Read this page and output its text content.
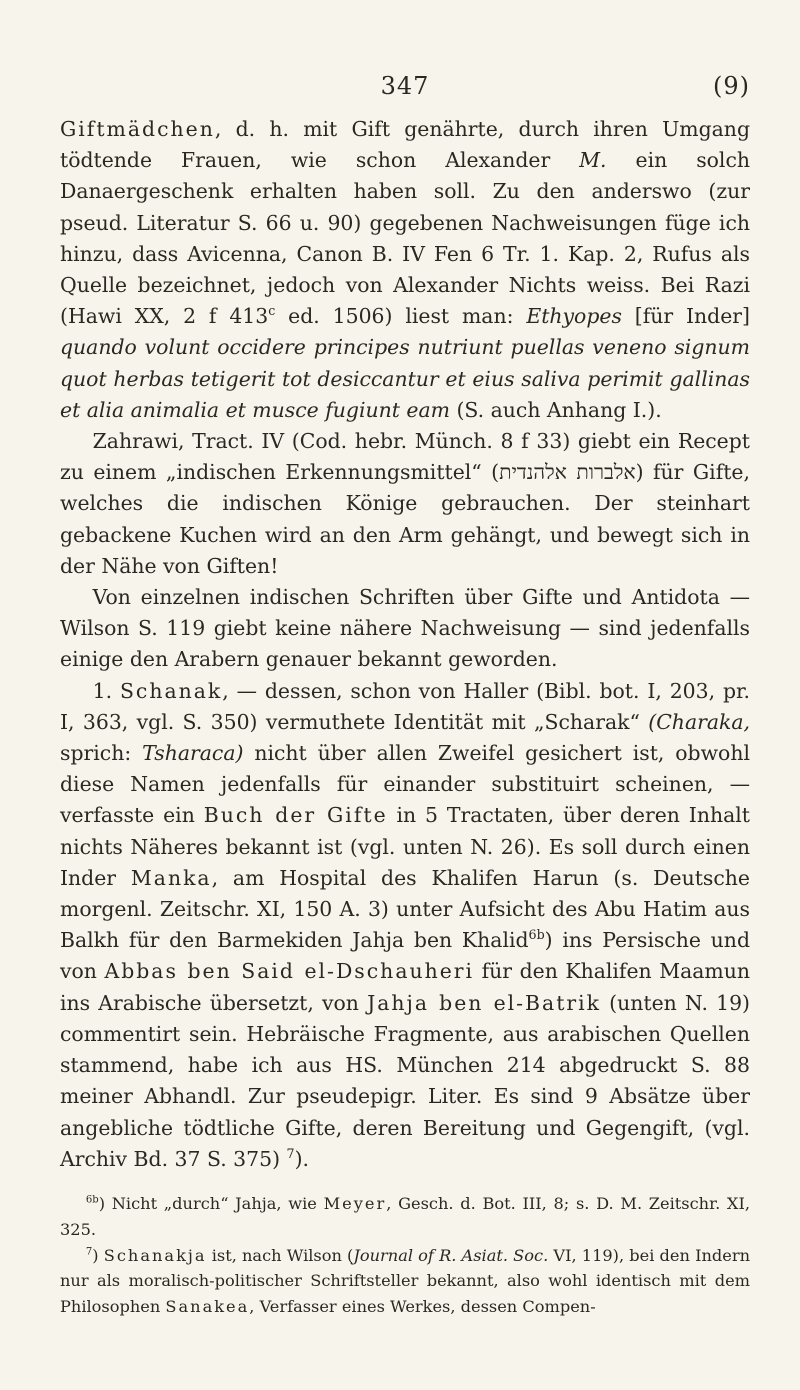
347	(9)

Giftmädchen, d. h. mit Gift genährte, durch ihren Umgang tödtende Frauen, wie schon Alexander M. ein solch Danaergeschenk erhalten haben soll. Zu den anderswo (zur pseud. Literatur S. 66 u. 90) gegebenen Nachweisungen füge ich hinzu, dass Avicenna, Canon B. IV Fen 6 Tr. 1. Kap. 2, Rufus als Quelle bezeichnet, jedoch von Alexander Nichts weiss. Bei Razi (Hawi XX, 2 f 413$^c$ ed. 1506) liest man: Ethyopes [für Inder] quando volunt occidere principes nutriunt puellas veneno signum quot herbas tetigerit tot desiccantur et eius saliva perimit gallinas et alia animalia et musce fugiunt eam (S. auch Anhang I.).

Zahrawi, Tract. IV (Cod. hebr. Münch. 8 f 33) giebt ein Recept zu einem „indischen Erkennungsmittel“ (אלברות אלהנדית) für Gifte, welches die indischen Könige gebrauchen. Der steinhart gebackene Kuchen wird an den Arm gehängt, und bewegt sich in der Nähe von Giften!

Von einzelnen indischen Schriften über Gifte und Antidota — Wilson S. 119 giebt keine nähere Nachweisung — sind jedenfalls einige den Arabern genauer bekannt geworden.

1. Schanak, — dessen, schon von Haller (Bibl. bot. I, 203, pr. I, 363, vgl. S. 350) vermuthete Identität mit „Scharak“ (Charaka, sprich: Tsharaca) nicht über allen Zweifel gesichert ist, obwohl diese Namen jedenfalls für einander substituirt scheinen, — verfasste ein Buch der Gifte in 5 Tractaten, über deren Inhalt nichts Näheres bekannt ist (vgl. unten N. 26). Es soll durch einen Inder Manka, am Hospital des Khalifen Harun (s. Deutsche morgenl. Zeitschr. XI, 150 A. 3) unter Aufsicht des Abu Hatim aus Balkh für den Barmekiden Jahja ben Khalid$^{6b}$) ins Persische und von Abbas ben Said el-Dschauheri für den Khalifen Maamun ins Arabische übersetzt, von Jahja ben el-Batrik (unten N. 19) commentirt sein. Hebräische Fragmente, aus arabischen Quellen stammend, habe ich aus HS. München 214 abgedruckt S. 88 meiner Abhandl. Zur pseudepigr. Liter. Es sind 9 Absätze über angebliche tödtliche Gifte, deren Bereitung und Gegengift, (vgl. Archiv Bd. 37 S. 375) $^7$).

$^{6b}$) Nicht „durch“ Jahja, wie Meyer, Gesch. d. Bot. III, 8; s. D. M. Zeitschr. XI, 325.

$^7$) Schanakja ist, nach Wilson (Journal of R. Asiat. Soc. VI, 119), bei den Indern nur als moralisch-politischer Schriftsteller bekannt, also wohl identisch mit dem Philosophen Sanakea, Verfasser eines Werkes, dessen Compen-
